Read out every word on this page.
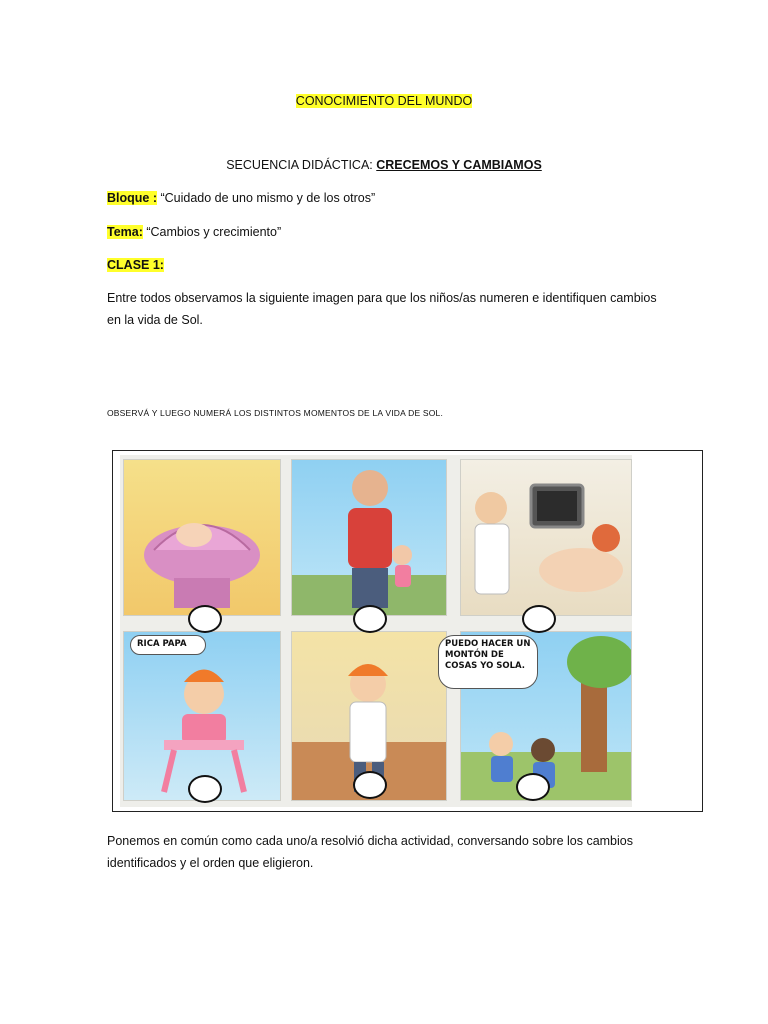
CONOCIMIENTO DEL MUNDO
SECUENCIA DIDÁCTICA: CRECEMOS Y CAMBIAMOS
Bloque : “Cuidado de uno mismo y de los otros”
Tema: “Cambios y crecimiento”
CLASE 1:
Entre todos observamos la siguiente imagen para que los niños/as numeren e identifiquen cambios en la vida de Sol.
OBSERVÁ Y LUEGO NUMERÁ LOS DISTINTOS MOMENTOS DE LA VIDA DE SOL.
RICA PAPA	PUEDO HACER UN MONTÓN DE COSAS YO SOLA.
Ponemos en común como cada uno/a resolvió dicha actividad, conversando sobre los cambios identificados y el orden que eligieron.
